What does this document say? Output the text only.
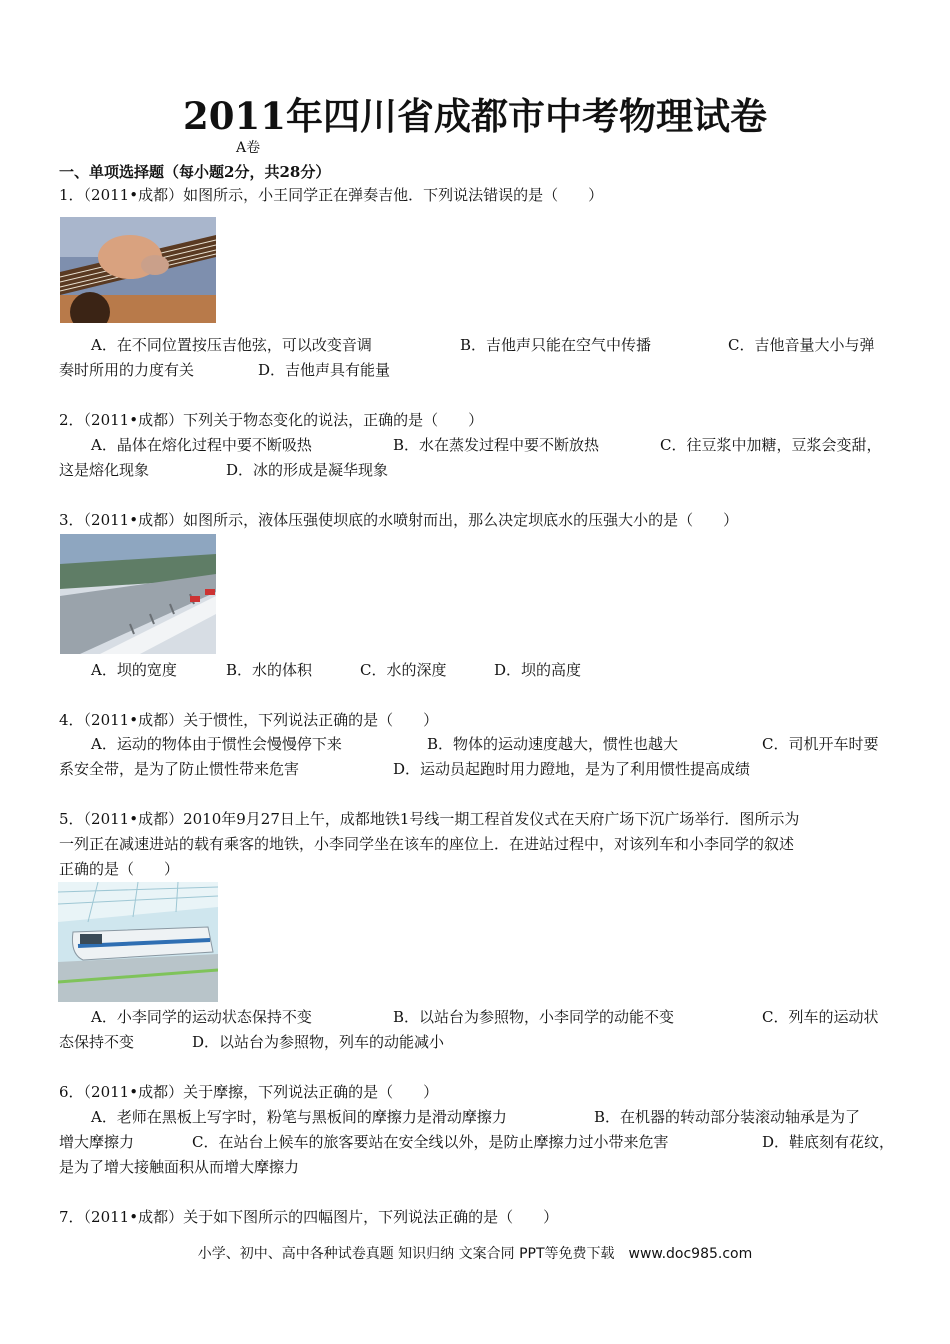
2011年四川省成都市中考物理试卷
A卷
一、单项选择题（每小题2分，共28分）
1．（2011•成都）如图所示，小王同学正在弹奏吉他．下列说法错误的是（　　）
A．在不同位置按压吉他弦，可以改变音调	B．吉他声只能在空气中传播	C．吉他音量大小与弹
奏时所用的力度有关	D．吉他声具有能量
2．（2011•成都）下列关于物态变化的说法，正确的是（　　）
A．晶体在熔化过程中要不断吸热	B．水在蒸发过程中要不断放热	C．往豆浆中加糖，豆浆会变甜，
这是熔化现象	D．冰的形成是凝华现象
3．（2011•成都）如图所示，液体压强使坝底的水喷射而出，那么决定坝底水的压强大小的是（　　）
A．坝的宽度	B．水的体积	C．水的深度	D．坝的高度
4．（2011•成都）关于惯性，下列说法正确的是（　　）
A．运动的物体由于惯性会慢慢停下来	B．物体的运动速度越大，惯性也越大	C．司机开车时要
系安全带，是为了防止惯性带来危害	D．运动员起跑时用力蹬地，是为了利用惯性提高成绩
5．（2011•成都）2010年9月27日上午，成都地铁1号线一期工程首发仪式在天府广场下沉广场举行．图所示为
一列正在减速进站的载有乘客的地铁，小李同学坐在该车的座位上．在进站过程中，对该列车和小李同学的叙述
正确的是（　　）
A．小李同学的运动状态保持不变	B．以站台为参照物，小李同学的动能不变	C．列车的运动状
态保持不变	D．以站台为参照物，列车的动能减小
6．（2011•成都）关于摩擦，下列说法正确的是（　　）
A．老师在黑板上写字时，粉笔与黑板间的摩擦力是滑动摩擦力	B．在机器的转动部分装滚动轴承是为了
增大摩擦力	C．在站台上候车的旅客要站在安全线以外，是防止摩擦力过小带来危害	D．鞋底刻有花纹，
是为了增大接触面积从而增大摩擦力
7．（2011•成都）关于如下图所示的四幅图片，下列说法正确的是（　　）
小学、初中、高中各种试卷真题 知识归纳 文案合同 PPT等免费下载　www.doc985.com
